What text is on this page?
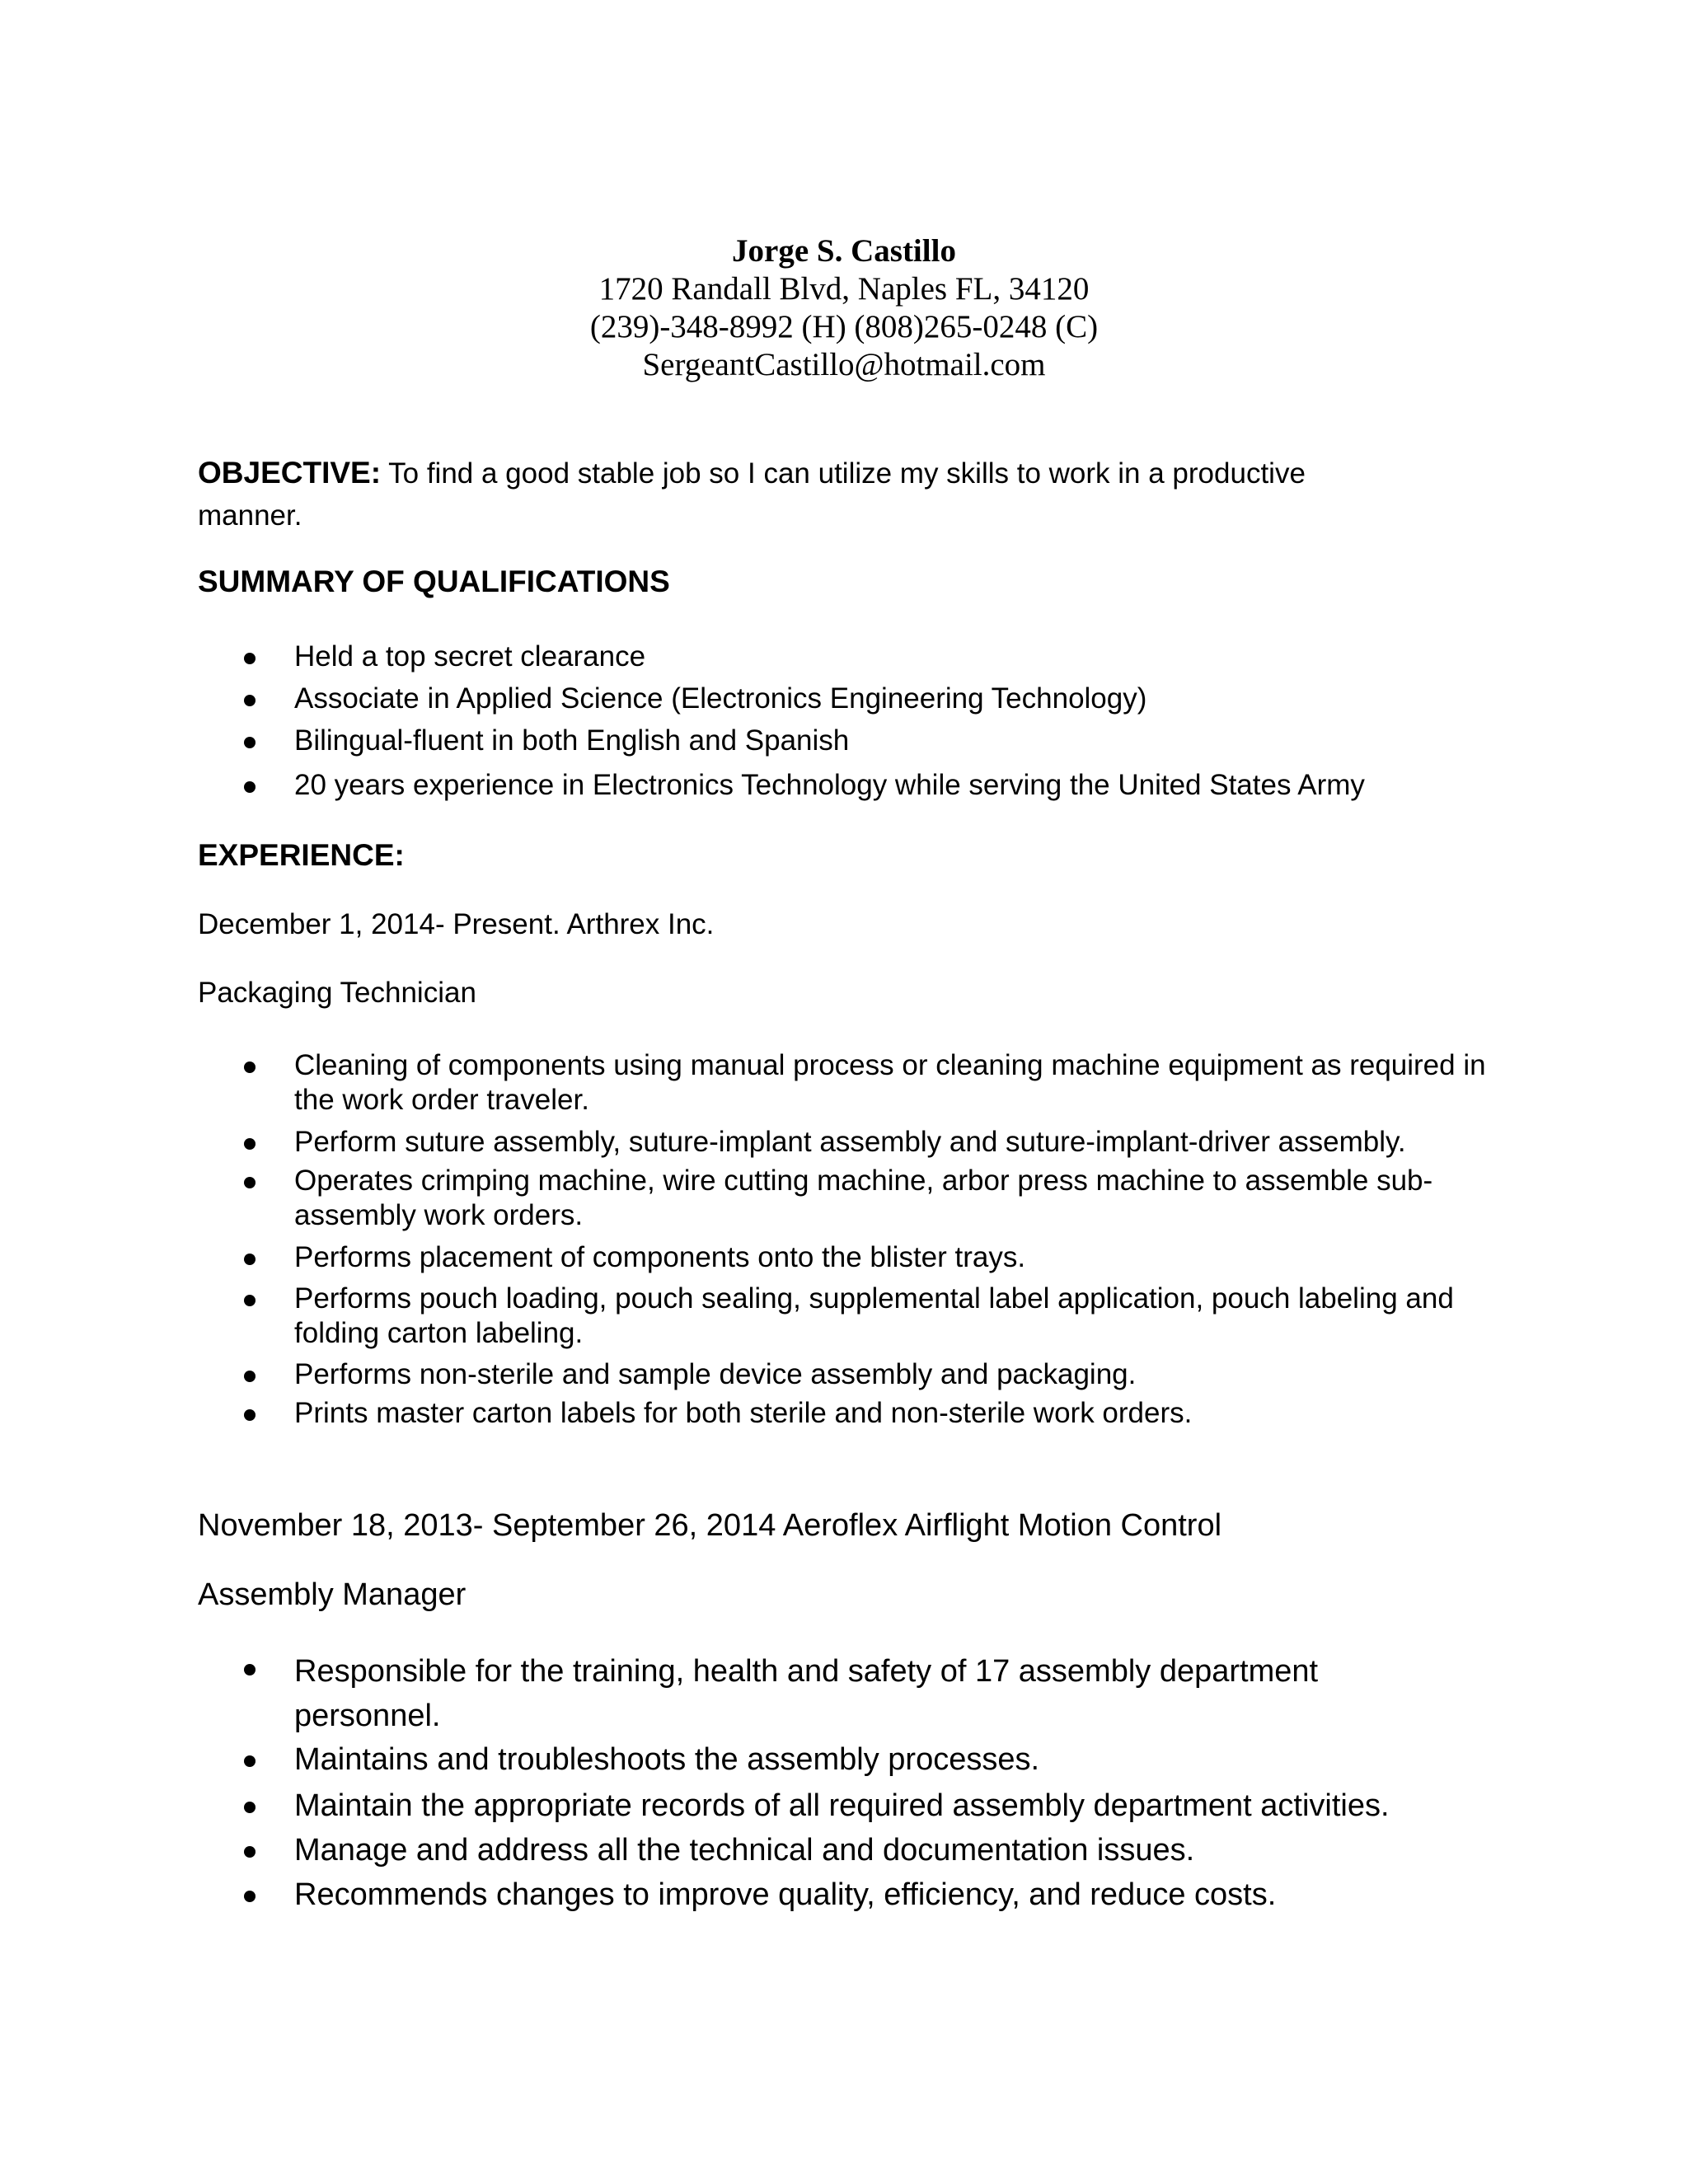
Jorge S. Castillo
1720 Randall Blvd, Naples FL, 34120
(239)-348-8992 (H) (808)265-0248 (C)
SergeantCastillo@hotmail.com
OBJECTIVE: To find a good stable job so I can utilize my skills to work in a productive
manner.
SUMMARY OF QUALIFICATIONS
Held a top secret clearance
Associate in Applied Science (Electronics Engineering Technology)
Bilingual-fluent in both English and Spanish
20 years experience in Electronics Technology while serving the United States Army
EXPERIENCE:
December 1, 2014- Present. Arthrex Inc.
Packaging Technician
Cleaning of components using manual process or cleaning machine equipment as required in the work order traveler.
Perform suture assembly, suture-implant assembly and suture-implant-driver assembly.
Operates crimping machine, wire cutting machine, arbor press machine to assemble sub-assembly work orders.
Performs placement of components onto the blister trays.
Performs pouch loading, pouch sealing, supplemental label application, pouch labeling and folding carton labeling.
Performs non-sterile and sample device assembly and packaging.
Prints master carton labels for both sterile and non-sterile work orders.
November 18, 2013- September 26, 2014 Aeroflex Airflight Motion Control
Assembly Manager
Responsible for the training, health and safety of 17 assembly department personnel.
Maintains and troubleshoots the assembly processes.
Maintain the appropriate records of all required assembly department activities.
Manage and address all the technical and documentation issues.
Recommends changes to improve quality, efficiency, and reduce costs.
